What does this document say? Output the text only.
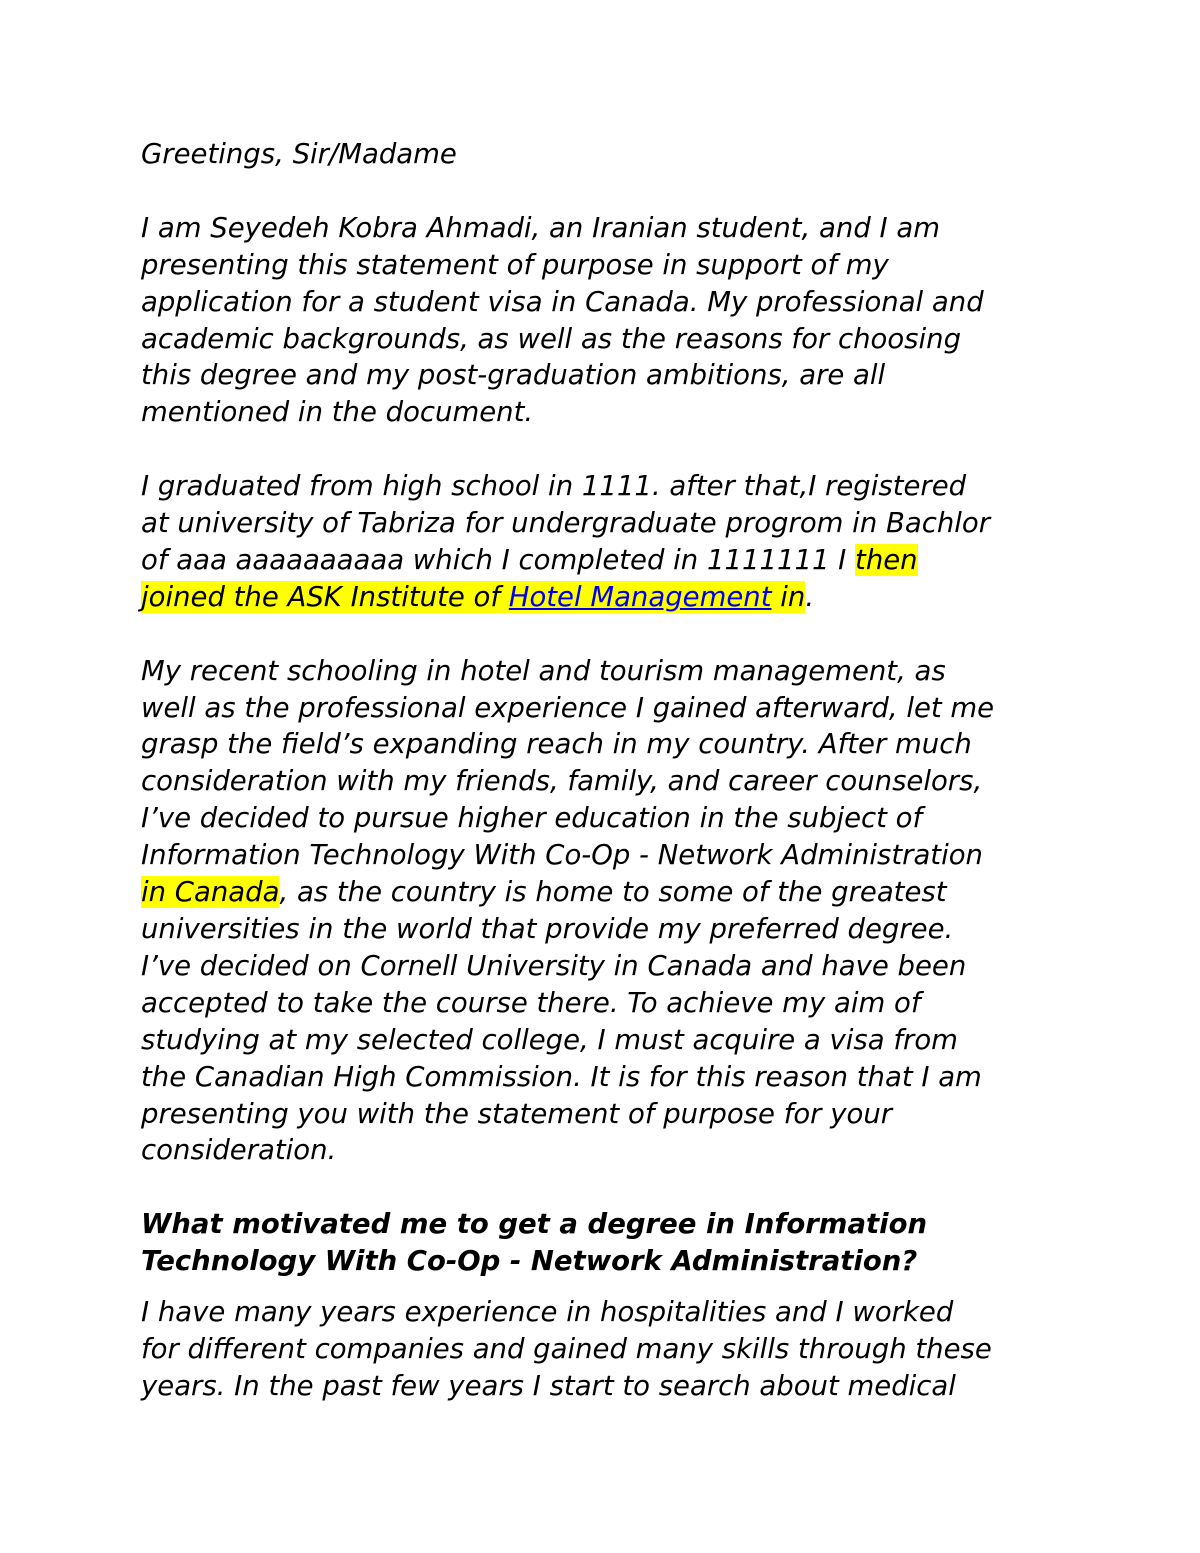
Greetings, Sir/Madame

I am Seyedeh Kobra Ahmadi, an Iranian student, and I am

presenting this statement of purpose in support of my

application for a student visa in Canada. My professional and

academic backgrounds, as well as the reasons for choosing

this degree and my post-graduation ambitions, are all

mentioned in the document.

I graduated from high school in 1111. after that,I registered

at university of Tabriza for undergraduate progrom in Bachlor

of aaa aaaaaaaaaa which I completed in 1111111 I then

joined the ASK Institute of Hotel Management in.

My recent schooling in hotel and tourism management, as

well as the professional experience I gained afterward, let me

grasp the field’s expanding reach in my country. After much

consideration with my friends, family, and career counselors,

I’ve decided to pursue higher education in the subject of

Information Technology With Co-Op - Network Administration

in Canada, as the country is home to some of the greatest

universities in the world that provide my preferred degree.

I’ve decided on Cornell University in Canada and have been

accepted to take the course there. To achieve my aim of

studying at my selected college, I must acquire a visa from

the Canadian High Commission. It is for this reason that I am

presenting you with the statement of purpose for your

consideration.

What motivated me to get a degree in Information

Technology With Co-Op - Network Administration?

I have many years experience in hospitalities and I worked

for different companies and gained many skills through these

years. In the past few years I start to search about medical
